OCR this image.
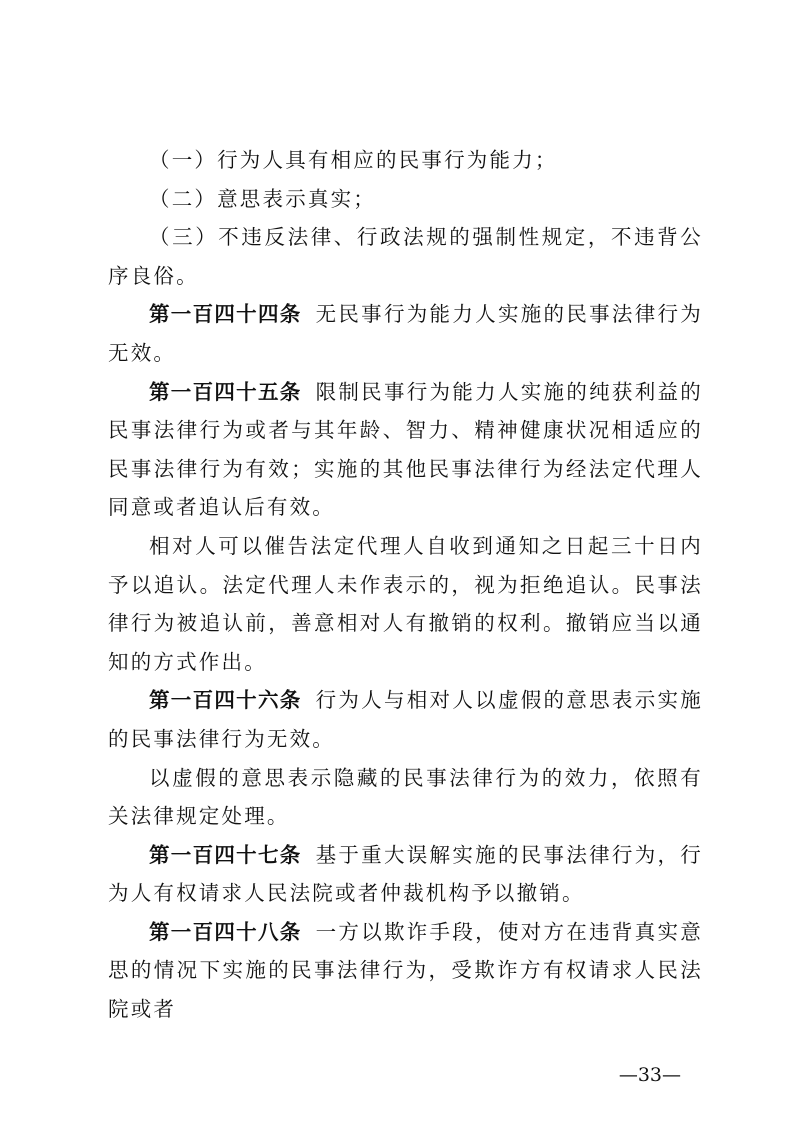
（一）行为人具有相应的民事行为能力；

（二）意思表示真实；

（三）不违反法律、行政法规的强制性规定，不违背公序良俗。

第一百四十四条 无民事行为能力人实施的民事法律行为无效。

第一百四十五条 限制民事行为能力人实施的纯获利益的民事法律行为或者与其年龄、智力、精神健康状况相适应的民事法律行为有效；实施的其他民事法律行为经法定代理人同意或者追认后有效。

相对人可以催告法定代理人自收到通知之日起三十日内予以追认。法定代理人未作表示的，视为拒绝追认。民事法律行为被追认前，善意相对人有撤销的权利。撤销应当以通知的方式作出。

第一百四十六条 行为人与相对人以虚假的意思表示实施的民事法律行为无效。

以虚假的意思表示隐藏的民事法律行为的效力，依照有关法律规定处理。

第一百四十七条 基于重大误解实施的民事法律行为，行为人有权请求人民法院或者仲裁机构予以撤销。

第一百四十八条 一方以欺诈手段，使对方在违背真实意思的情况下实施的民事法律行为，受欺诈方有权请求人民法院或者

—33—
